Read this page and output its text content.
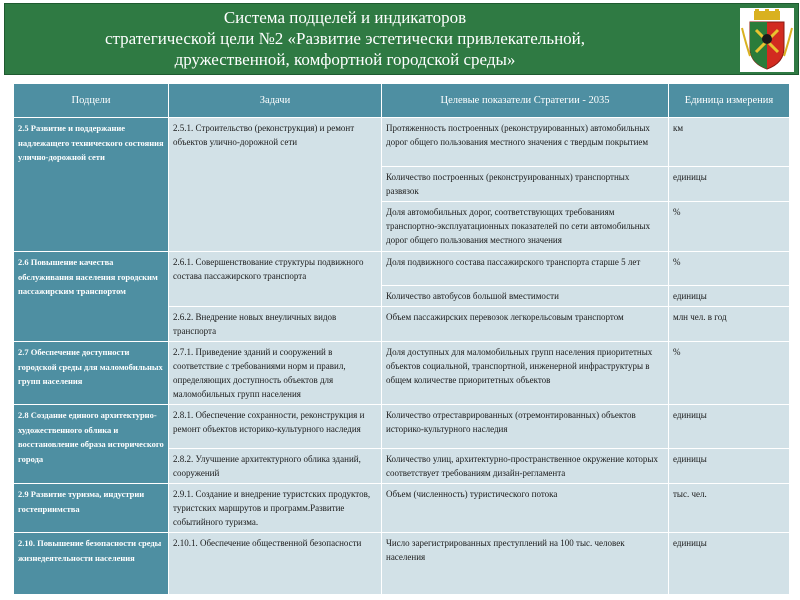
Система подцелей и индикаторов
стратегической цели №2 «Развитие эстетически привлекательной,
дружественной, комфортной городской среды»
Подцели	Задачи	Целевые показатели Стратегии - 2035	Единица измерения
2.5 Развитие и поддержание надлежащего технического состояния улично-дорожной сети	2.5.1. Строительство (реконструкция) и ремонт объектов улично-дорожной сети	Протяженность построенных (реконструированных) автомобильных дорог общего пользования местного значения с твердым покрытием	км
		Количество построенных (реконструированных) транспортных развязок	единицы
		Доля автомобильных дорог, соответствующих требованиям транспортно-эксплуатационных показателей по сети автомобильных дорог общего пользования местного значения	%
2.6 Повышение качества обслуживания населения городским пассажирским транспортом	2.6.1. Совершенствование структуры подвижного состава пассажирского транспорта	Доля подвижного состава пассажирского транспорта старше 5 лет	%
		Количество автобусов большой вместимости	единицы
	2.6.2. Внедрение новых внеуличных видов транспорта	Объем пассажирских перевозок легкорельсовым транспортом	млн чел. в год
2.7 Обеспечение доступности городской среды для маломобильных групп населения	2.7.1. Приведение зданий и сооружений в соответствие с требованиями норм и правил, определяющих доступность объектов для маломобильных групп населения	Доля доступных для маломобильных групп населения приоритетных объектов социальной, транспортной, инженерной инфраструктуры в общем количестве приоритетных объектов	%
2.8 Создание единого архитектурно-художественного облика и восстановление образа исторического города	2.8.1. Обеспечение сохранности, реконструкция и ремонт объектов историко-культурного наследия	Количество отреставрированных (отремонтированных) объектов историко-культурного наследия	единицы
	2.8.2. Улучшение архитектурного облика зданий, сооружений	Количество улиц, архитектурно-пространственное окружение которых соответствует требованиям дизайн-регламента	единицы
2.9 Развитие туризма, индустрии гостеприимства	2.9.1. Создание и внедрение туристских продуктов, туристских маршрутов и программ.Развитие событийного туризма.	Объем (численность) туристического потока	тыс. чел.
2.10. Повышение безопасности среды жизнедеятельности населения	2.10.1. Обеспечение общественной безопасности	Число зарегистрированных преступлений на 100 тыс. человек населения	единицы
